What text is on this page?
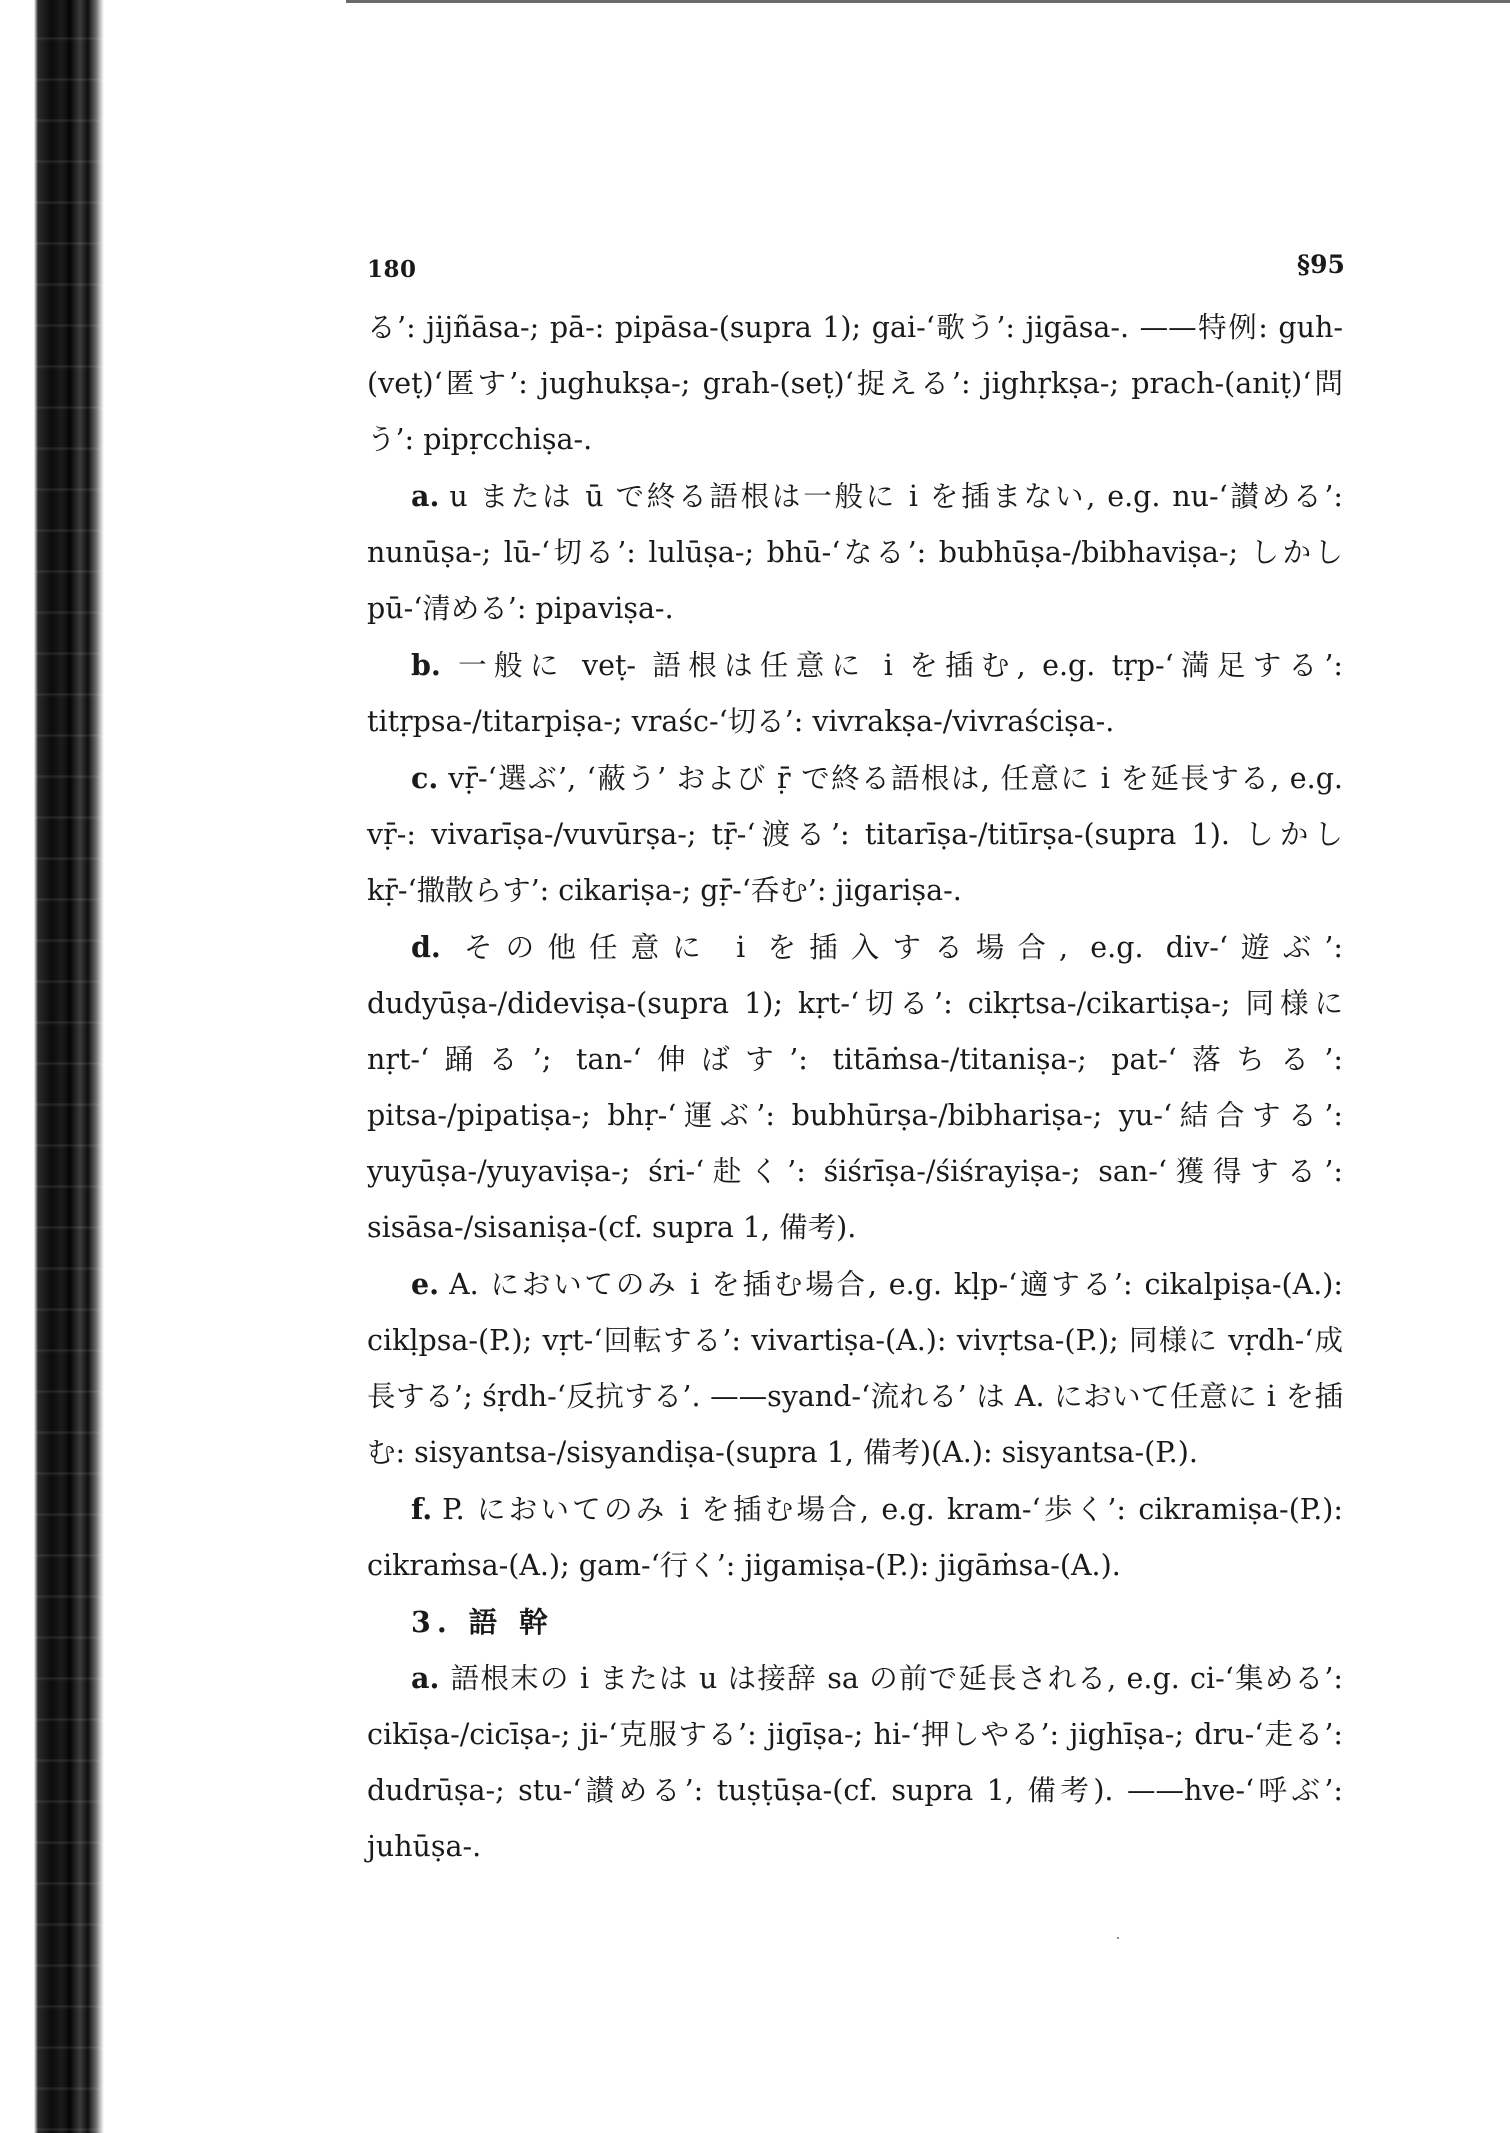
180	§95

る’: jijñāsa-; pā-: pipāsa-(supra 1); gai-‘歌う’: jigāsa-. ——特例: guh-(veṭ)‘匿す’: jughukṣa-; grah-(seṭ)‘捉える’: jighṛkṣa-; prach-(aniṭ)‘問う’: pipṛcchiṣa-.

a. u または ū で終る語根は一般に i を插まない, e.g. nu-‘讃める’: nunūṣa-; lū-‘切る’: lulūṣa-; bhū-‘なる’: bubhūṣa-/bibhaviṣa-; しかし pū-‘清める’: pipaviṣa-.

b. 一般に veṭ- 語根は任意に i を插む, e.g. tṛp-‘満足する’: titṛpsa-/titarpiṣa-; vraśc-‘切る’: vivrakṣa-/vivraściṣa-.

c. vṝ-‘選ぶ’, ‘蔽う’ および ṝ で終る語根は, 任意に i を延長する, e.g. vṝ-: vivarīṣa-/vuvūrṣa-; tṝ-‘渡る’: titarīṣa-/titīrṣa-(supra 1). しかし kṝ-‘撒散らす’: cikariṣa-; gṝ-‘呑む’: jigariṣa-.

d. その他任意に i を插入する場合, e.g. div-‘遊ぶ’: dudyūṣa-/dideviṣa-(supra 1); kṛt-‘切る’: cikṛtsa-/cikartiṣa-; 同様に nṛt-‘踊る’; tan-‘伸ばす’: titāṁsa-/titaniṣa-; pat-‘落ちる’: pitsa-/pipatiṣa-; bhṛ-‘運ぶ’: bubhūrṣa-/bibhariṣa-; yu-‘結合する’: yuyūṣa-/yuyaviṣa-; śri-‘赴く’: śiśrīṣa-/śiśrayiṣa-; san-‘獲得する’: sisāsa-/sisaniṣa-(cf. supra 1, 備考).

e. A. においてのみ i を插む場合, e.g. kḷp-‘適する’: cikalpiṣa-(A.): cikḷpsa-(P.); vṛt-‘回転する’: vivartiṣa-(A.): vivṛtsa-(P.); 同様に vṛdh-‘成長する’; śṛdh-‘反抗する’. ——syand-‘流れる’ は A. において任意に i を插む: sisyantsa-/sisyandiṣa-(supra 1, 備考)(A.): sisyantsa-(P.).

f. P. においてのみ i を插む場合, e.g. kram-‘歩く’: cikramiṣa-(P.): cikraṁsa-(A.); gam-‘行く’: jigamiṣa-(P.): jigāṁsa-(A.).

3. 語 幹

a. 語根末の i または u は接辞 sa の前で延長される, e.g. ci-‘集める’: cikīṣa-/cicīṣa-; ji-‘克服する’: jigīṣa-; hi-‘押しやる’: jighīṣa-; dru-‘走る’: dudrūṣa-; stu-‘讃める’: tuṣṭūṣa-(cf. supra 1, 備考). ——hve-‘呼ぶ’: juhūṣa-.
